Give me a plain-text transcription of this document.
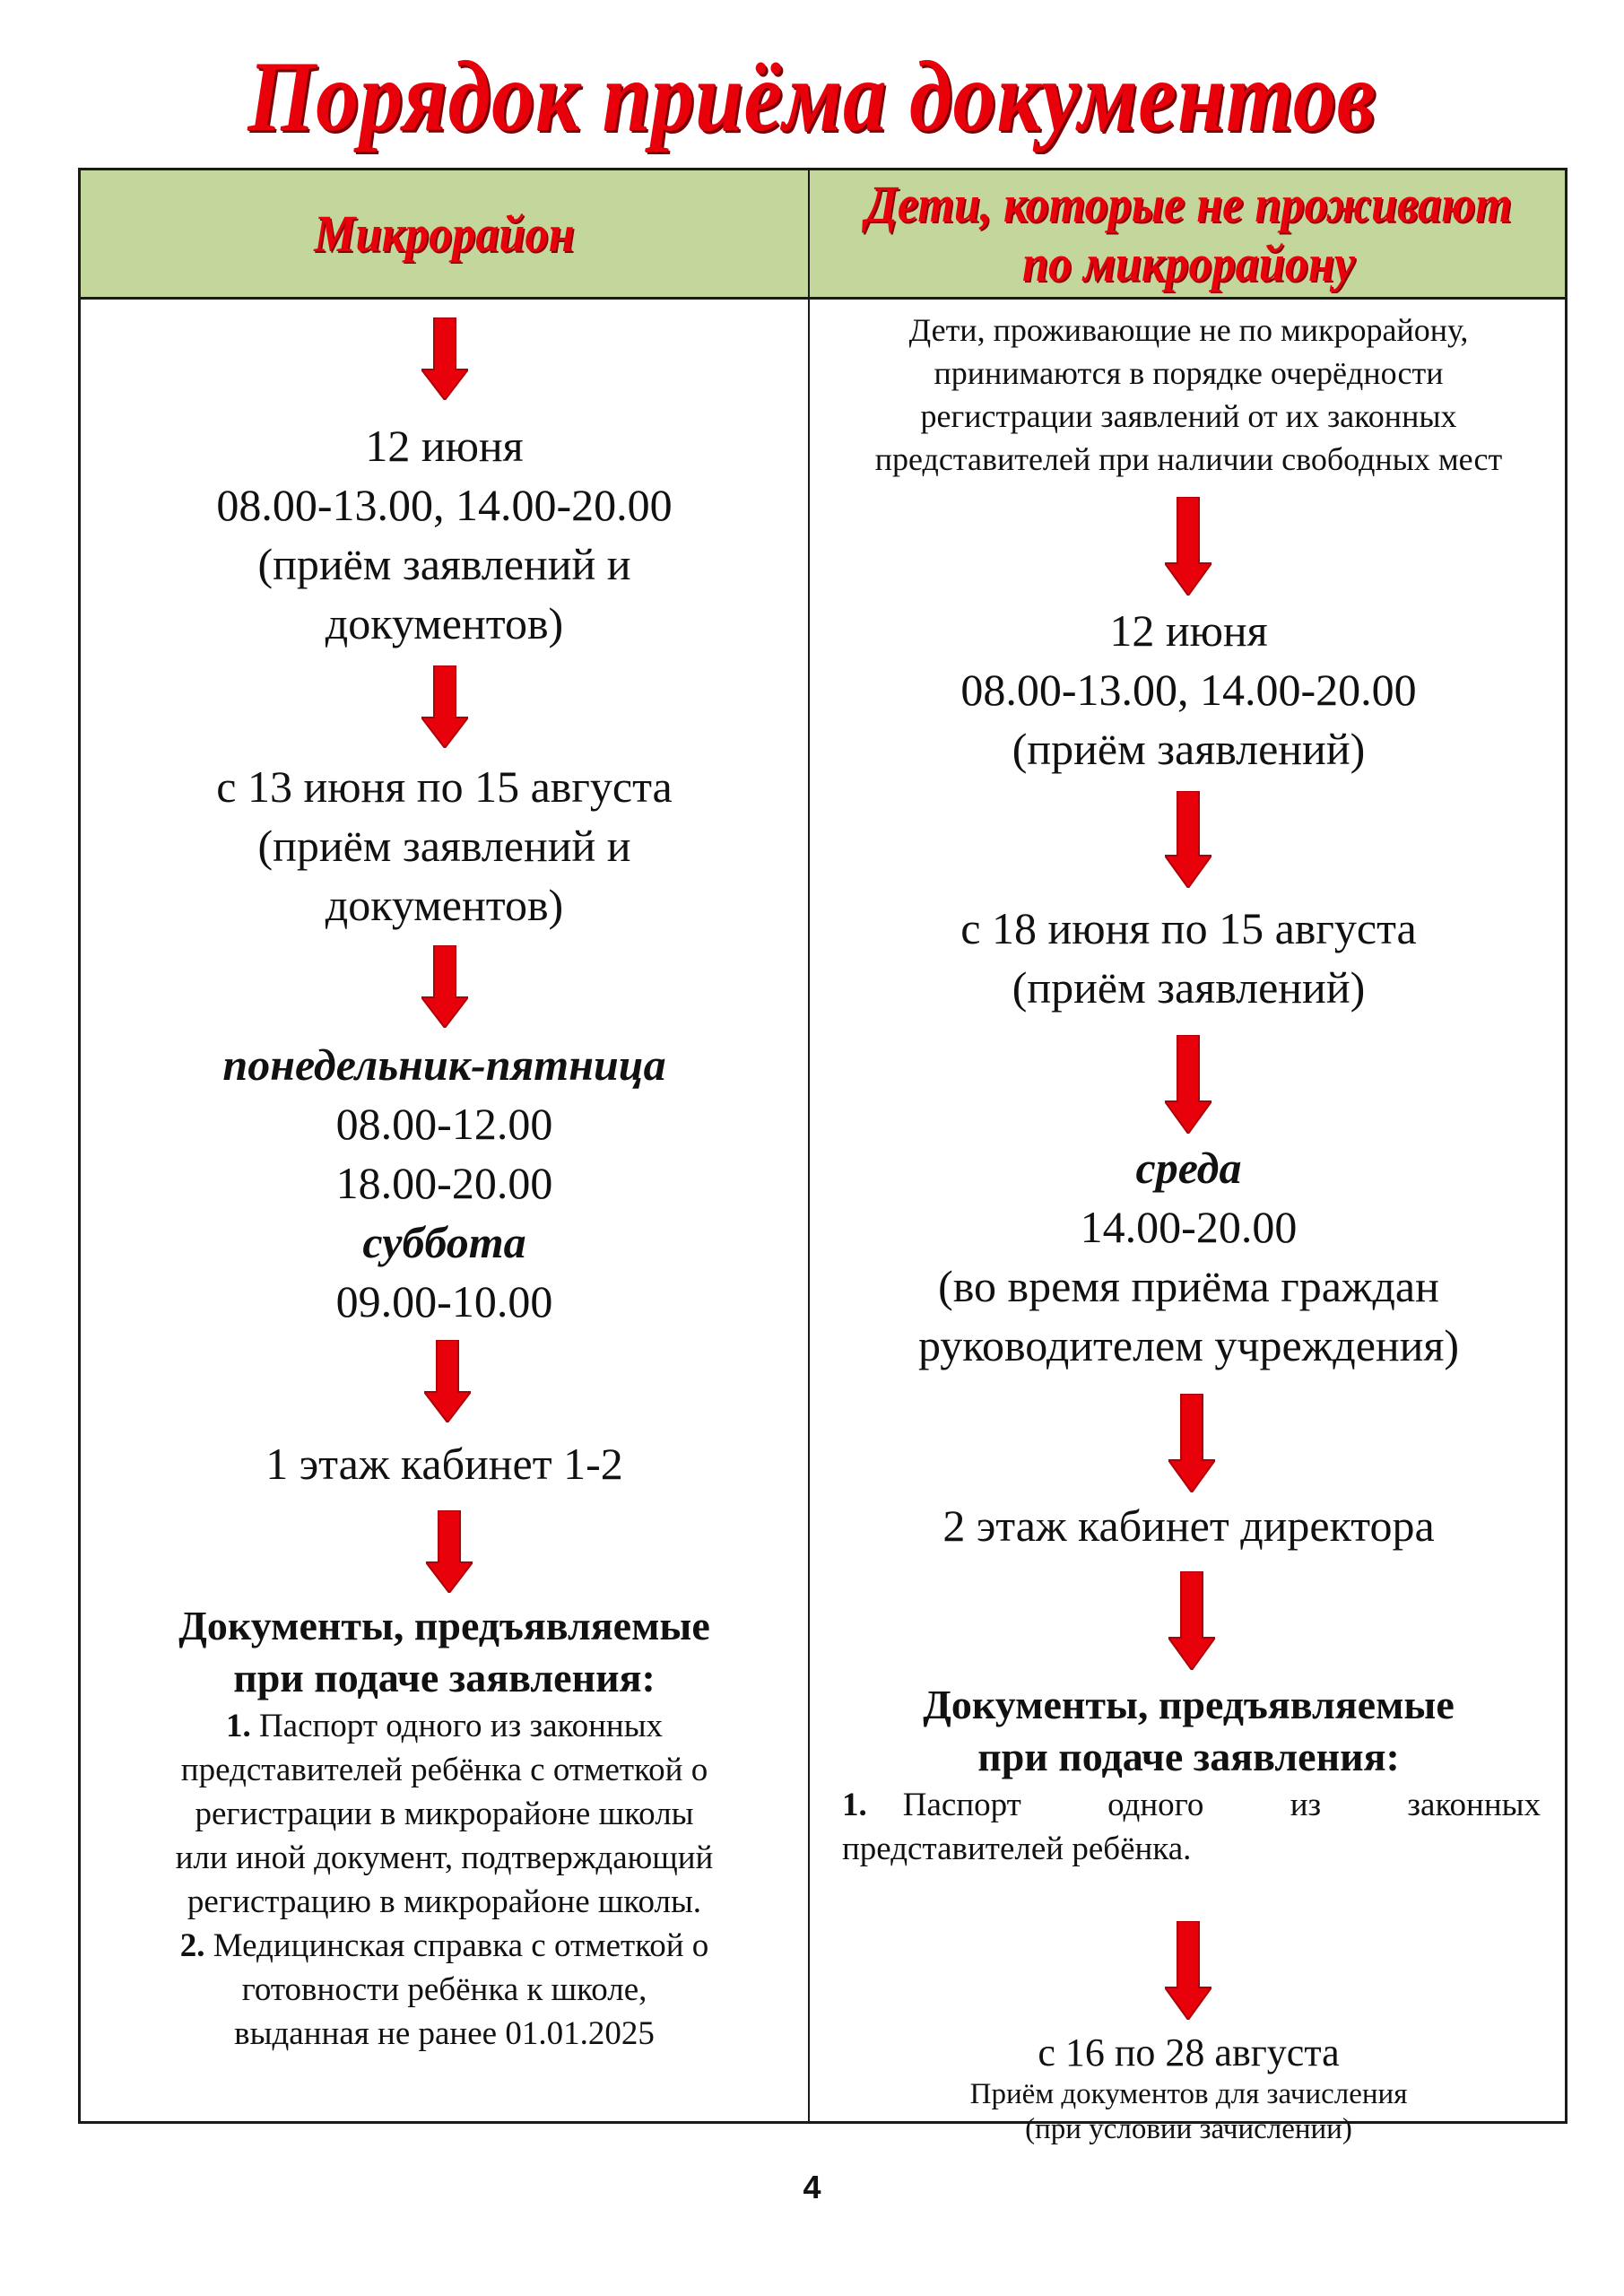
Порядок приёма документов
Микрорайон
Дети, которые не проживают по микрорайону
12 июня
08.00-13.00, 14.00-20.00
(приём заявлений и
документов)
с 13 июня по 15 августа
(приём заявлений и
документов)
понедельник-пятница
08.00-12.00
18.00-20.00
суббота
09.00-10.00
1 этаж кабинет 1-2
Документы, предъявляемые
при подаче заявления:
1. Паспорт одного из законных
представителей ребёнка с отметкой о
регистрации в микрорайоне школы
или иной документ, подтверждающий
регистрацию в микрорайоне школы.
2. Медицинская справка с отметкой о
готовности ребёнка к школе,
выданная не ранее 01.01.2025
Дети, проживающие не по микрорайону,
принимаются в порядке очерёдности
регистрации заявлений от их законных
представителей при наличии свободных мест
12 июня
08.00-13.00, 14.00-20.00
(приём заявлений)
с 18 июня по 15 августа
(приём заявлений)
среда
14.00-20.00
(во время приёма граждан
руководителем учреждения)
2 этаж кабинет директора
Документы, предъявляемые
при подаче заявления:
1. Паспорт одного из законных
представителей ребёнка.
с 16 по 28 августа
Приём документов для зачисления
(при условии зачислении)
4
